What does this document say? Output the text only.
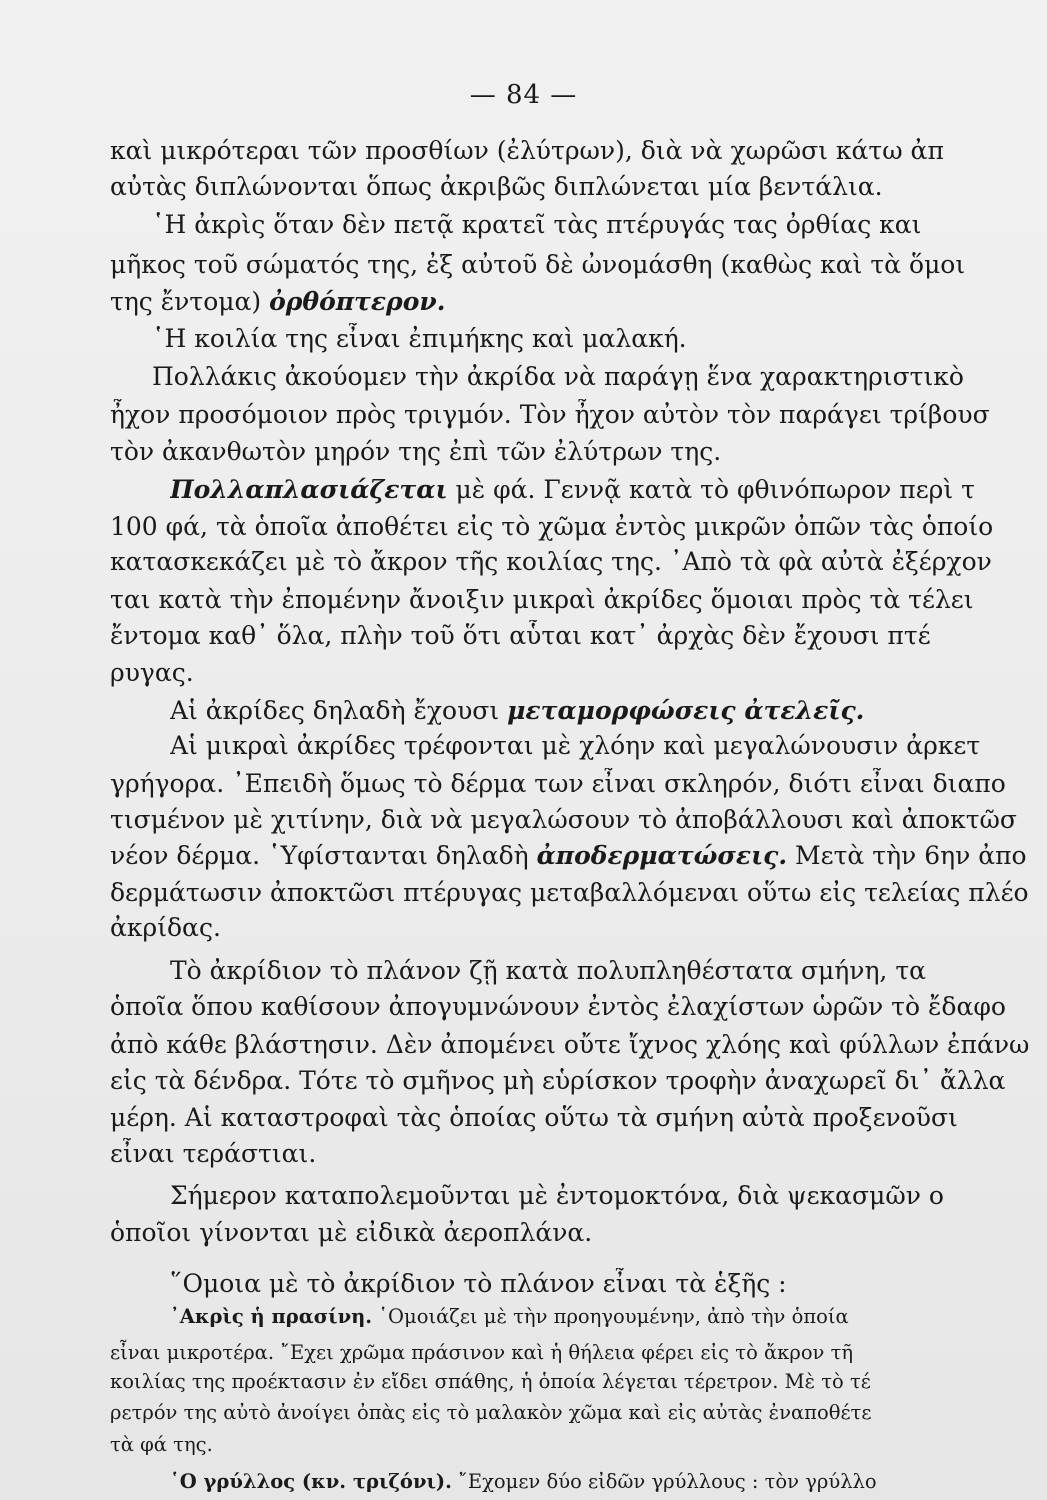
— 84 —
καὶ μικρότεραι τῶν προσθίων (ἐλύτρων), διὰ νὰ χωρῶσι κάτω ἀπ
αὐτὰς διπλώνονται ὅπως ἀκριβῶς διπλώνεται μία βεντάλια.
῾Η ἀκρὶς ὅταν δὲν πετᾷ κρατεῖ τὰς πτέρυγάς τας ὀρθίας και
μῆκος τοῦ σώματός της, ἐξ αὐτοῦ δὲ ὠνομάσθη (καθὼς καὶ τὰ ὅμοι
της ἔντομα) ὀρθόπτερον.
῾Η κοιλία της εἶναι ἐπιμήκης καὶ μαλακή.
Πολλάκις ἀκούομεν τὴν ἀκρίδα νὰ παράγῃ ἕνα χαρακτηριστικὸ
ἦχον προσόμοιον πρὸς τριγμόν. Τὸν ἦχον αὐτὸν τὸν παράγει τρίβουσ
τὸν ἀκανθωτὸν μηρόν της ἐπὶ τῶν ἐλύτρων της.
Πολλαπλασιάζεται μὲ φά. Γεννᾷ κατὰ τὸ φθινόπωρον περὶ τ
100 φά, τὰ ὁποῖα ἀποθέτει εἰς τὸ χῶμα ἐντὸς μικρῶν ὀπῶν τὰς ὁποίο
κατασκεκάζει μὲ τὸ ἄκρον τῆς κοιλίας της. ᾿Απὸ τὰ φὰ αὐτὰ ἐξέρχον
ται κατὰ τὴν ἐπομένην ἄνοιξιν μικραὶ ἀκρίδες ὅμοιαι πρὸς τὰ τέλει
ἔντομα καθ᾿ ὅλα, πλὴν τοῦ ὅτι αὗται κατ᾿ ἀρχὰς δὲν ἔχουσι πτέ
ρυγας.
Αἱ ἀκρίδες δηλαδὴ ἔχουσι μεταμορφώσεις ἀτελεῖς.
Αἱ μικραὶ ἀκρίδες τρέφονται μὲ χλόην καὶ μεγαλώνουσιν ἀρκετ
γρήγορα. ᾿Επειδὴ ὅμως τὸ δέρμα των εἶναι σκληρόν, διότι εἶναι διαπο
τισμένον μὲ χιτίνην, διὰ νὰ μεγαλώσουν τὸ ἀποβάλλουσι καὶ ἀποκτῶσ
νέον δέρμα. ῾Υφίστανται δηλαδὴ ἀποδερματώσεις. Μετὰ τὴν 6ην ἀπο
δερμάτωσιν ἀποκτῶσι πτέρυγας μεταβαλλόμεναι οὕτω εἰς τελείας πλέο
ἀκρίδας.
Τὸ ἀκρίδιον τὸ πλάνον ζῇ κατὰ πολυπληθέστατα σμήνη, τα
ὁποῖα ὅπου καθίσουν ἀπογυμνώνουν ἐντὸς ἐλαχίστων ὡρῶν τὸ ἔδαφο
ἀπὸ κάθε βλάστησιν. Δὲν ἀπομένει οὔτε ἴχνος χλόης καὶ φύλλων ἐπάνω
εἰς τὰ δένδρα. Τότε τὸ σμῆνος μὴ εὑρίσκον τροφὴν ἀναχωρεῖ δι᾿ ἄλλα
μέρη. Αἱ καταστροφαὶ τὰς ὁποίας οὕτω τὰ σμήνη αὐτὰ προξενοῦσι
εἶναι τεράστιαι.
Σήμερον καταπολεμοῦνται μὲ ἐντομοκτόνα, διὰ ψεκασμῶν ο
ὁποῖοι γίνονται μὲ εἰδικὰ ἀεροπλάνα.
῞Ομοια μὲ τὸ ἀκρίδιον τὸ πλάνον εἶναι τὰ ἑξῆς :
᾿Ακρὶς ἡ πρασίνη. ῾Ομοιάζει μὲ τὴν προηγουμένην, ἀπὸ τὴν ὁποία
εἶναι μικροτέρα. ῎Εχει χρῶμα πράσινον καὶ ἡ θήλεια φέρει εἰς τὸ ἄκρον τῆ
κοιλίας της προέκτασιν ἐν εἴδει σπάθης, ἡ ὁποία λέγεται τέρετρον. Μὲ τὸ τέ
ρετρόν της αὐτὸ ἀνοίγει ὀπὰς εἰς τὸ μαλακὸν χῶμα καὶ εἰς αὐτὰς ἐναποθέτε
τὰ φά της.
῾Ο γρύλλος (κν. τριζόνι). ῎Εχομεν δύο εἰδῶν γρύλλους : τὸν γρύλλο
